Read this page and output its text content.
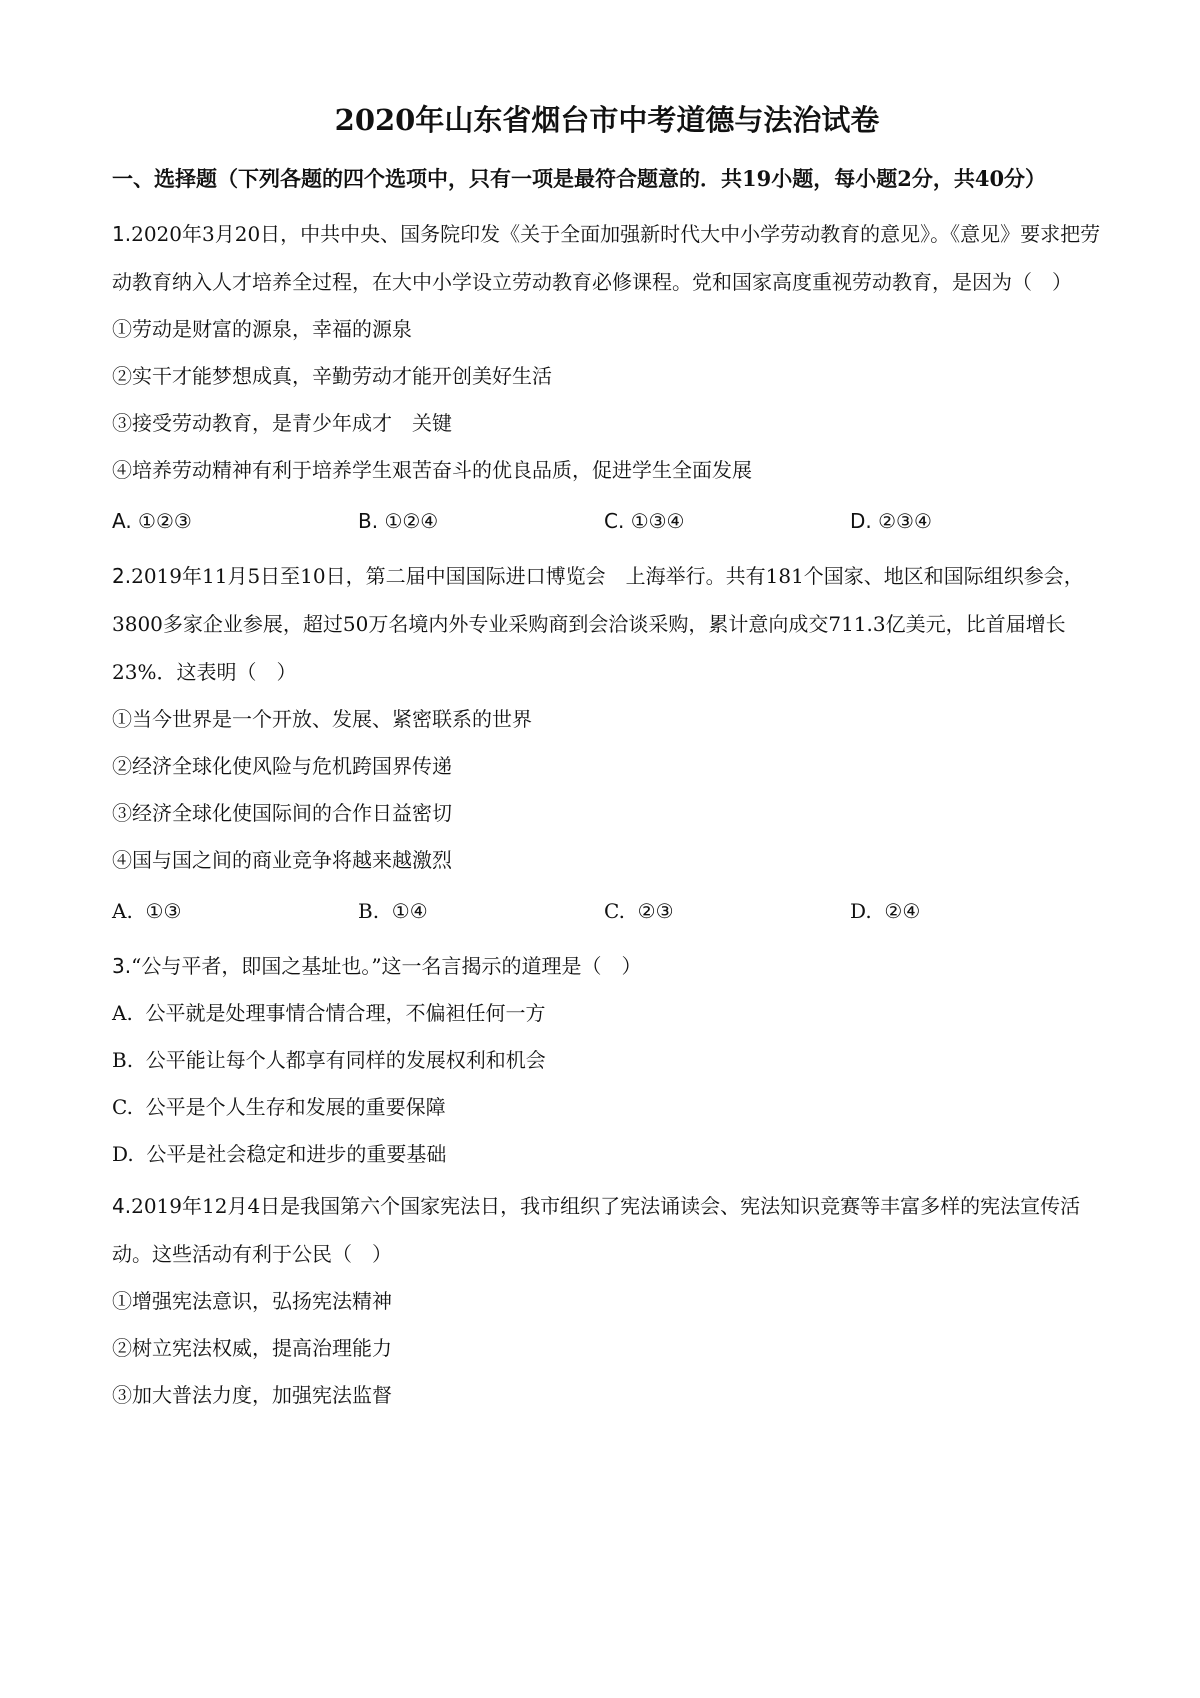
2020年山东省烟台市中考道德与法治试卷
一、选择题（下列各题的四个选项中，只有一项是最符合题意的．共19小题，每小题2分，共40分）

1.2020年3月20日，中共中央、国务院印发《关于全面加强新时代大中小学劳动教育的意见》。《意见》要求把劳动教育纳入人才培养全过程，在大中小学设立劳动教育必修课程。党和国家高度重视劳动教育，是因为（　）

①劳动是财富的源泉，幸福的源泉

②实干才能梦想成真，辛勤劳动才能开创美好生活

③接受劳动教育，是青少年成才　关键

④培养劳动精神有利于培养学生艰苦奋斗的优良品质，促进学生全面发展

A. ①②③	B. ①②④	C. ①③④	D. ②③④

2.2019年11月5日至10日，第二届中国国际进口博览会　上海举行。共有181个国家、地区和国际组织参会，3800多家企业参展，超过50万名境内外专业采购商到会洽谈采购，累计意向成交711.3亿美元，比首届增长23%．这表明（　）

①当今世界是一个开放、发展、紧密联系的世界

②经济全球化使风险与危机跨国界传递

③经济全球化使国际间的合作日益密切

④国与国之间的商业竞争将越来越激烈

A. ①③	B. ①④	C. ②③	D. ②④

3.“公与平者，即国之基址也。”这一名言揭示的道理是（　）

A. 公平就是处理事情合情合理，不偏袒任何一方

B. 公平能让每个人都享有同样的发展权利和机会

C. 公平是个人生存和发展的重要保障

D. 公平是社会稳定和进步的重要基础

4.2019年12月4日是我国第六个国家宪法日，我市组织了宪法诵读会、宪法知识竞赛等丰富多样的宪法宣传活动。这些活动有利于公民（　）

①增强宪法意识，弘扬宪法精神

②树立宪法权威，提高治理能力

③加大普法力度，加强宪法监督
